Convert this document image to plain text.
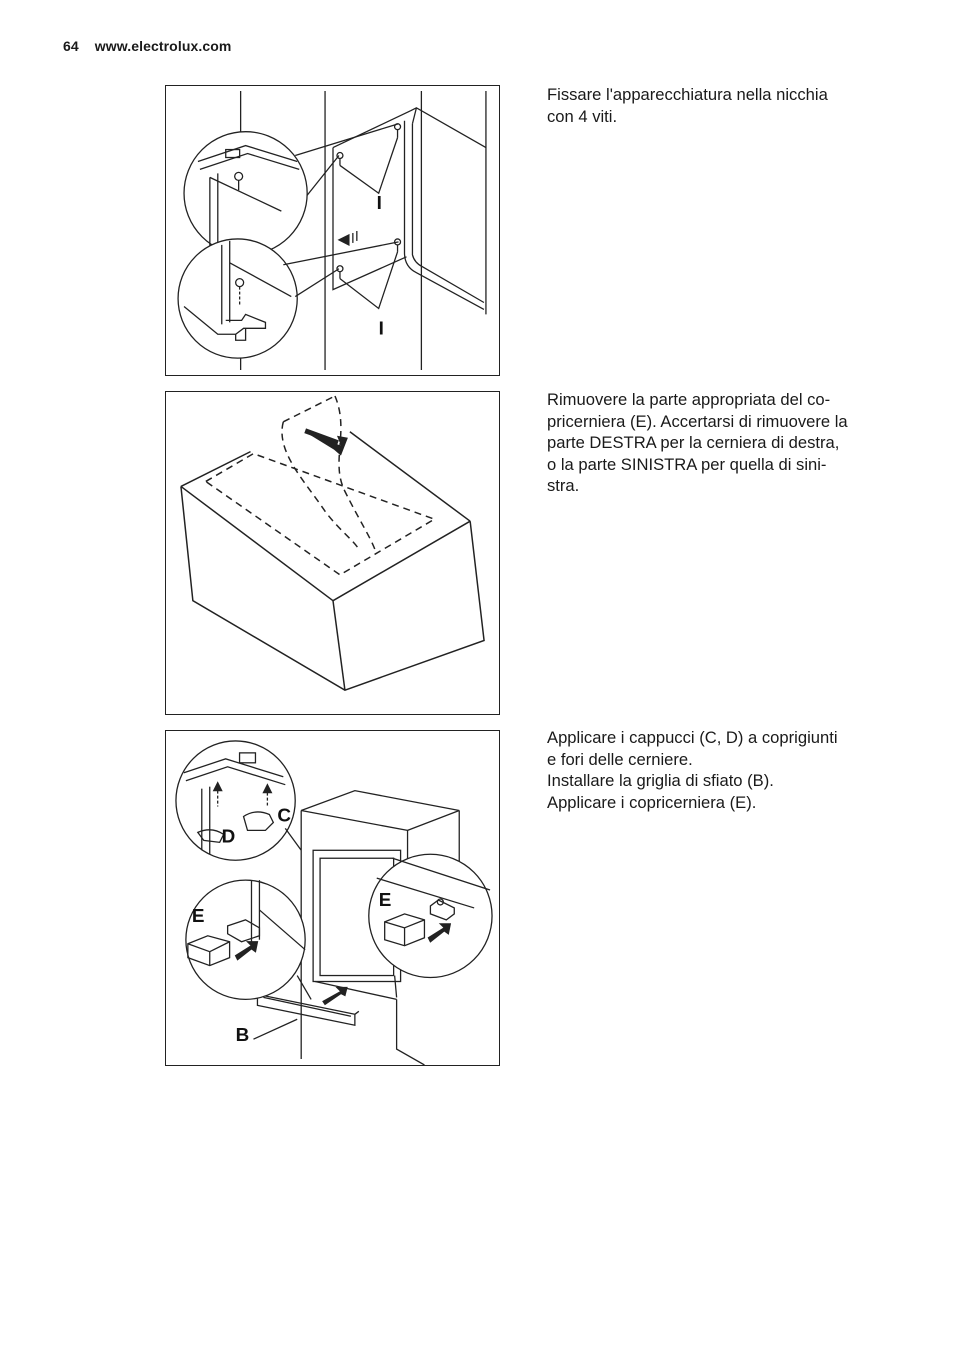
64 www.electrolux.com
I
I
Fissare l'apparecchiatura nella nicchia
con 4 viti.
Rimuovere la parte appropriata del co-
pricerniera (E). Accertarsi di rimuovere la
parte DESTRA per la cerniera di destra,
o la parte SINISTRA per quella di sini-
stra.
C
D
E
E
B
Applicare i cappucci (C, D) a coprigiunti
e fori delle cerniere.
Installare la griglia di sfiato (B).
Applicare i copricerniera (E).
